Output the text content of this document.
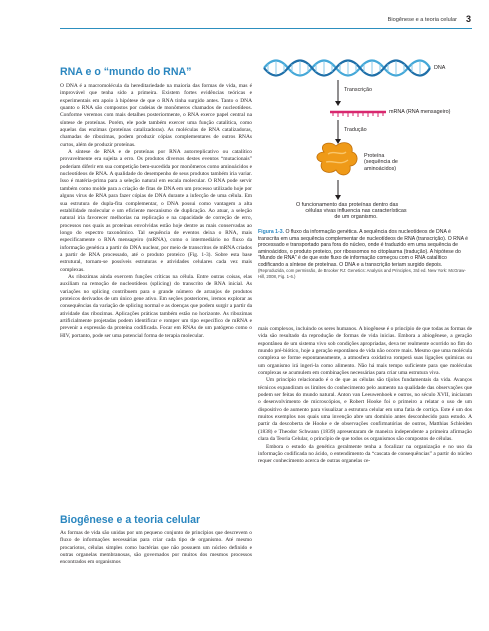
Biogênese e a teoria celular 3
RNA e o “mundo do RNA”

O DNA é a macromolécula da hereditariedade na maioria das formas de vida, mas é improvável que tenha sido a primeira. Existem fortes evidências teóricas e experimentais em apoio à hipótese de que o RNA tinha surgido antes. Tanto o DNA quanto o RNA são compostos por cadeias de monômeros chamados de nucleotídeos. Conforme veremos com mais detalhes posteriormente, o RNA exerce papel central na síntese de proteínas. Porém, ele pode também exercer uma função catalítica, como aquelas das enzimas (proteínas catalizadoras). As moléculas de RNA catalizadoras, chamadas de ribozimas, podem produzir cópias complementares de outros RNAs curtos, além de produzir proteínas.

A síntese de RNA e de proteínas por RNA autorreplicativo ou catalítico provavelmente era sujeita a erro. Os produtos diversos destes eventos “mutacionais” poderiam diferir em sua competição bem-sucedida por monômeros como aminoácidos e nucleotídeos de RNA. A qualidade do desempenho de seus produtos também iria variar. Isso é matéria-prima para a seleção natural em escala molecular. O RNA pode servir também como molde para a criação de fitas de DNA em um processo utilizado hoje por alguns vírus de RNA para fazer cópias de DNA durante a infecção de uma célula. Em sua estrutura de dupla-fita complementar, o DNA possui como vantagem a alta estabilidade molecular e um eficiente mecanismo de duplicação. Ao atuar, a seleção natural iria favorecer melhorias na replicação e na capacidade de correção de erro, processos nos quais as proteínas envolvidas estão hoje dentre as mais conservadas ao longo do espectro taxonômico. Tal sequência de eventos deixa o RNA, mais especificamente o RNA mensageiro (mRNA), como o intermediário no fluxo da informação genética a partir do DNA nuclear, por meio de transcritos de mRNA criados a partir de RNA processado, até o produto proteico (Fig. 1-3). Sobre esta base estrutural, tornam-se possíveis estruturas e atividades celulares cada vez mais complexas.

As ribozimas ainda exercem funções críticas na célula. Entre outras coisas, elas auxiliam na remoção de nucleotídeos (splicing) do transcrito de RNA inicial. As variações no splicing contribuem para o grande número de arranjos de produtos proteicos derivados de um único gene ativo. Em seções posteriores, iremos explorar as consequências da variação de splicing normal e as doenças que podem surgir a partir da atividade das ribozimas. Aplicações práticas também estão no horizonte. As ribozimas artificialmente projetadas podem identificar e romper um tipo específico de mRNA e prevenir a expressão da proteína codificada. Focar em RNAs de um patógeno como o HIV, portanto, pode ser uma potencial forma de terapia molecular.

Biogênese e a teoria celular

As formas de vida são unidas por um pequeno conjunto de princípios que descrevem o fluxo de informações necessárias para criar cada tipo de organismo. Até mesmo procariotos, células simples como bactérias que não possuem um núcleo definido e outras organelas membranosas, são governados por muitos dos mesmos processos encontrados em organismos

DNA
Transcrição
mRNA (RNA mensageiro)
Tradução
Proteína
(sequência de
aminoácidos)
O funcionamento das proteínas dentro das
células vivas influencia nas características
de um organismo.
Figura 1-3. O fluxo da informação genética. A sequência dos nucleotídeos de DNA é transcrita em uma sequência complementar de nucleotídeos de RNA (transcrição). O RNA é processado e transportado para fora do núcleo, onde é traduzido em uma sequência de aminoácidos, o produto proteico, por ribossomos no citoplasma (tradução). A hipótese do “Mundo de RNA” é de que este fluxo de informação começou com o RNA catalítico codificando a síntese de proteínas. O DNA e a transcrição teriam surgido depois.
(Reproduzida, com permissão, de Brooker RJ: Genetics: Analysis and Principles, 3rd ed. New York: McGraw-Hill, 2008, Fig. 1-6.)

mais complexos, incluindo os seres humanos. A biogênese é o princípio de que todas as formas de vida são resultado da reprodução de formas de vida inicias. Embora a abiogênese, a geração espontânea de um sistema vivo sob condições apropriadas, deva ter realmente ocorrido no fim do mundo pré-biótico, hoje a geração espontânea de vida não ocorre mais. Mesmo que uma molécula complexa se forme espontaneamente, a atmosfera oxidativa romperá suas ligações químicas ou um organismo irá ingeri-la como alimento. Não há mais tempo suficiente para que moléculas complexas se acumulem em combinações necessárias para criar uma estrutura viva.

Um princípio relacionado é o de que as células são tijolos fundamentais da vida. Avanços técnicos expandiram os limites do conhecimento pelo aumento na qualidade das observações que podem ser feitas do mundo natural. Anton van Leeuwenhoek e outros, no século XVII, iniciaram o desenvolvimento de microscópios, e Robert Hooke foi o primeiro a relatar o uso de um dispositivo de aumento para visualizar a estrutura celular em uma fatia de cortiça. Este é um dos muitos exemplos nos quais uma invenção abre um domínio antes desconhecido para estudo. A partir da descoberta de Hooke e de observações confirmatórias de outros, Matthias Schleiden (1838) e Theodor Schwann (1839) apresentaram de maneira independente a primeira afirmação clara da Teoria Celular, o princípio de que todos os organismos são compostos de células.

Embora o estudo da genética geralmente tenha a focalizar na organização e no uso da informação codificada no ácido, o entendimento da “cascata de consequências” a partir do núcleo requer conhecimento acerca de outras organelas ce-
